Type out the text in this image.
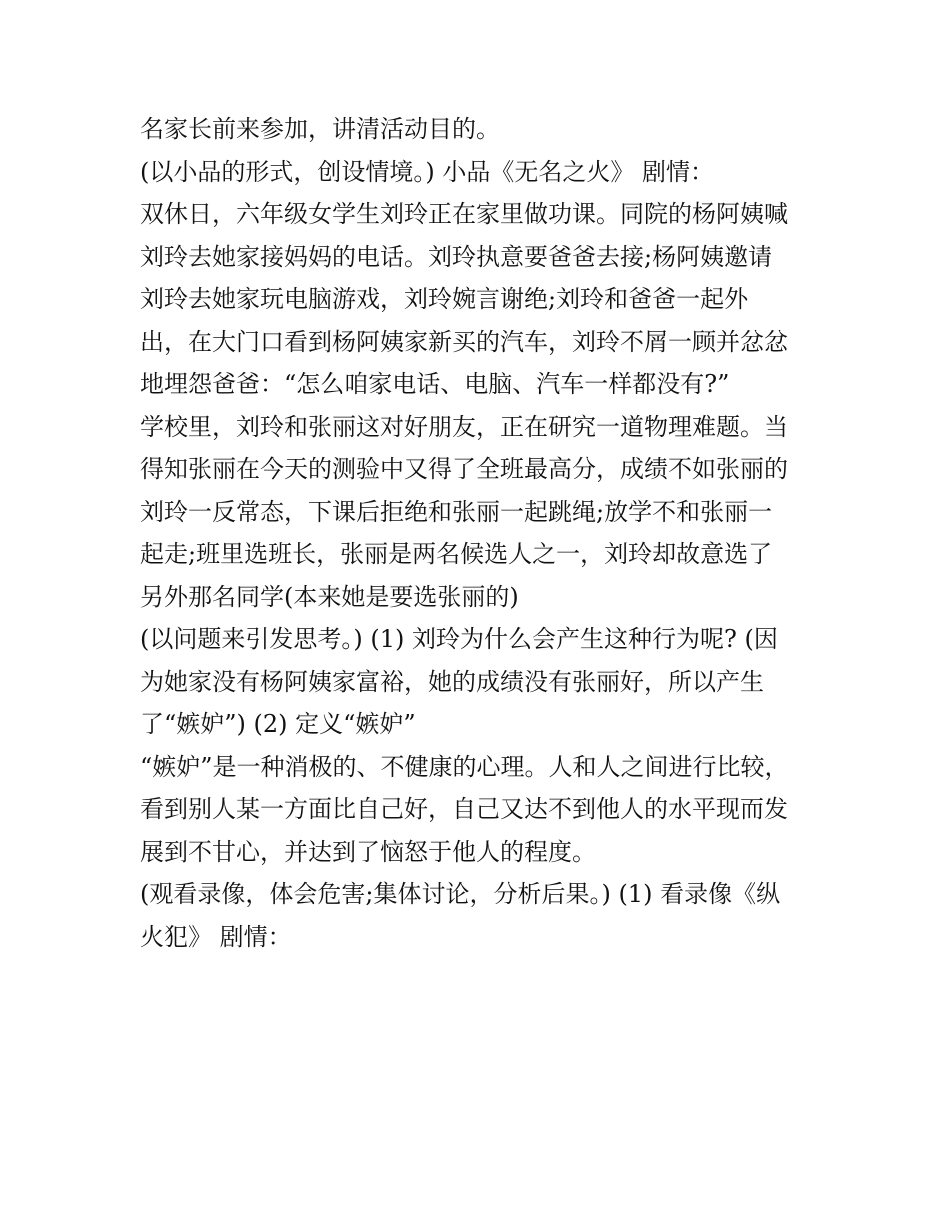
名家长前来参加，讲清活动目的。
(以小品的形式，创设情境。) 小品《无名之火》 剧情：
双休日，六年级女学生刘玲正在家里做功课。同院的杨阿姨喊
刘玲去她家接妈妈的电话。刘玲执意要爸爸去接;杨阿姨邀请
刘玲去她家玩电脑游戏，刘玲婉言谢绝;刘玲和爸爸一起外
出，在大门口看到杨阿姨家新买的汽车，刘玲不屑一顾并忿忿
地埋怨爸爸：“怎么咱家电话、电脑、汽车一样都没有?”
学校里，刘玲和张丽这对好朋友，正在研究一道物理难题。当
得知张丽在今天的测验中又得了全班最高分，成绩不如张丽的
刘玲一反常态，下课后拒绝和张丽一起跳绳;放学不和张丽一
起走;班里选班长，张丽是两名候选人之一，刘玲却故意选了
另外那名同学(本来她是要选张丽的)
(以问题来引发思考。) (1) 刘玲为什么会产生这种行为呢? (因
为她家没有杨阿姨家富裕，她的成绩没有张丽好，所以产生
了“嫉妒”) (2) 定义“嫉妒”
“嫉妒”是一种消极的、不健康的心理。人和人之间进行比较，
看到别人某一方面比自己好，自己又达不到他人的水平现而发
展到不甘心，并达到了恼怒于他人的程度。
(观看录像，体会危害;集体讨论，分析后果。) (1) 看录像《纵
火犯》 剧情：
